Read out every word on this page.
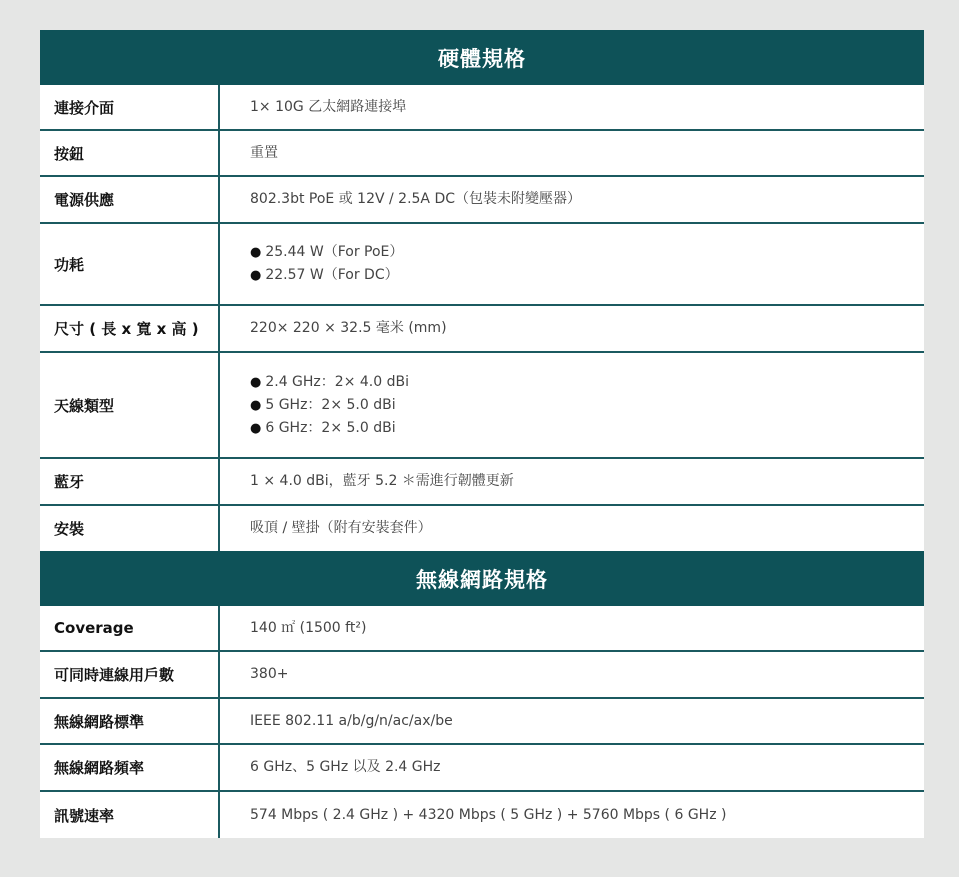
硬體規格
連接介面	1× 10G 乙太網路連接埠
按鈕	重置
電源供應	802.3bt PoE 或 12V / 2.5A DC（包裝未附變壓器）
功耗
● 25.44 W（For PoE）
● 22.57 W（For DC）
尺寸 ( 長 x 寬 x 高 )	220× 220 × 32.5 毫米 (mm)
天線類型
● 2.4 GHz：2× 4.0 dBi
● 5 GHz：2× 5.0 dBi
● 6 GHz：2× 5.0 dBi
藍牙	1 × 4.0 dBi，藍牙 5.2 ＊需進行韌體更新
安裝	吸頂 / 壁掛（附有安裝套件）
無線網路規格
Coverage	140 ㎡ (1500 ft²)
可同時連線用戶數	380+
無線網路標準	IEEE 802.11 a/b/g/n/ac/ax/be
無線網路頻率	6 GHz、5 GHz 以及 2.4 GHz
訊號速率	574 Mbps ( 2.4 GHz ) + 4320 Mbps ( 5 GHz ) + 5760 Mbps ( 6 GHz )
